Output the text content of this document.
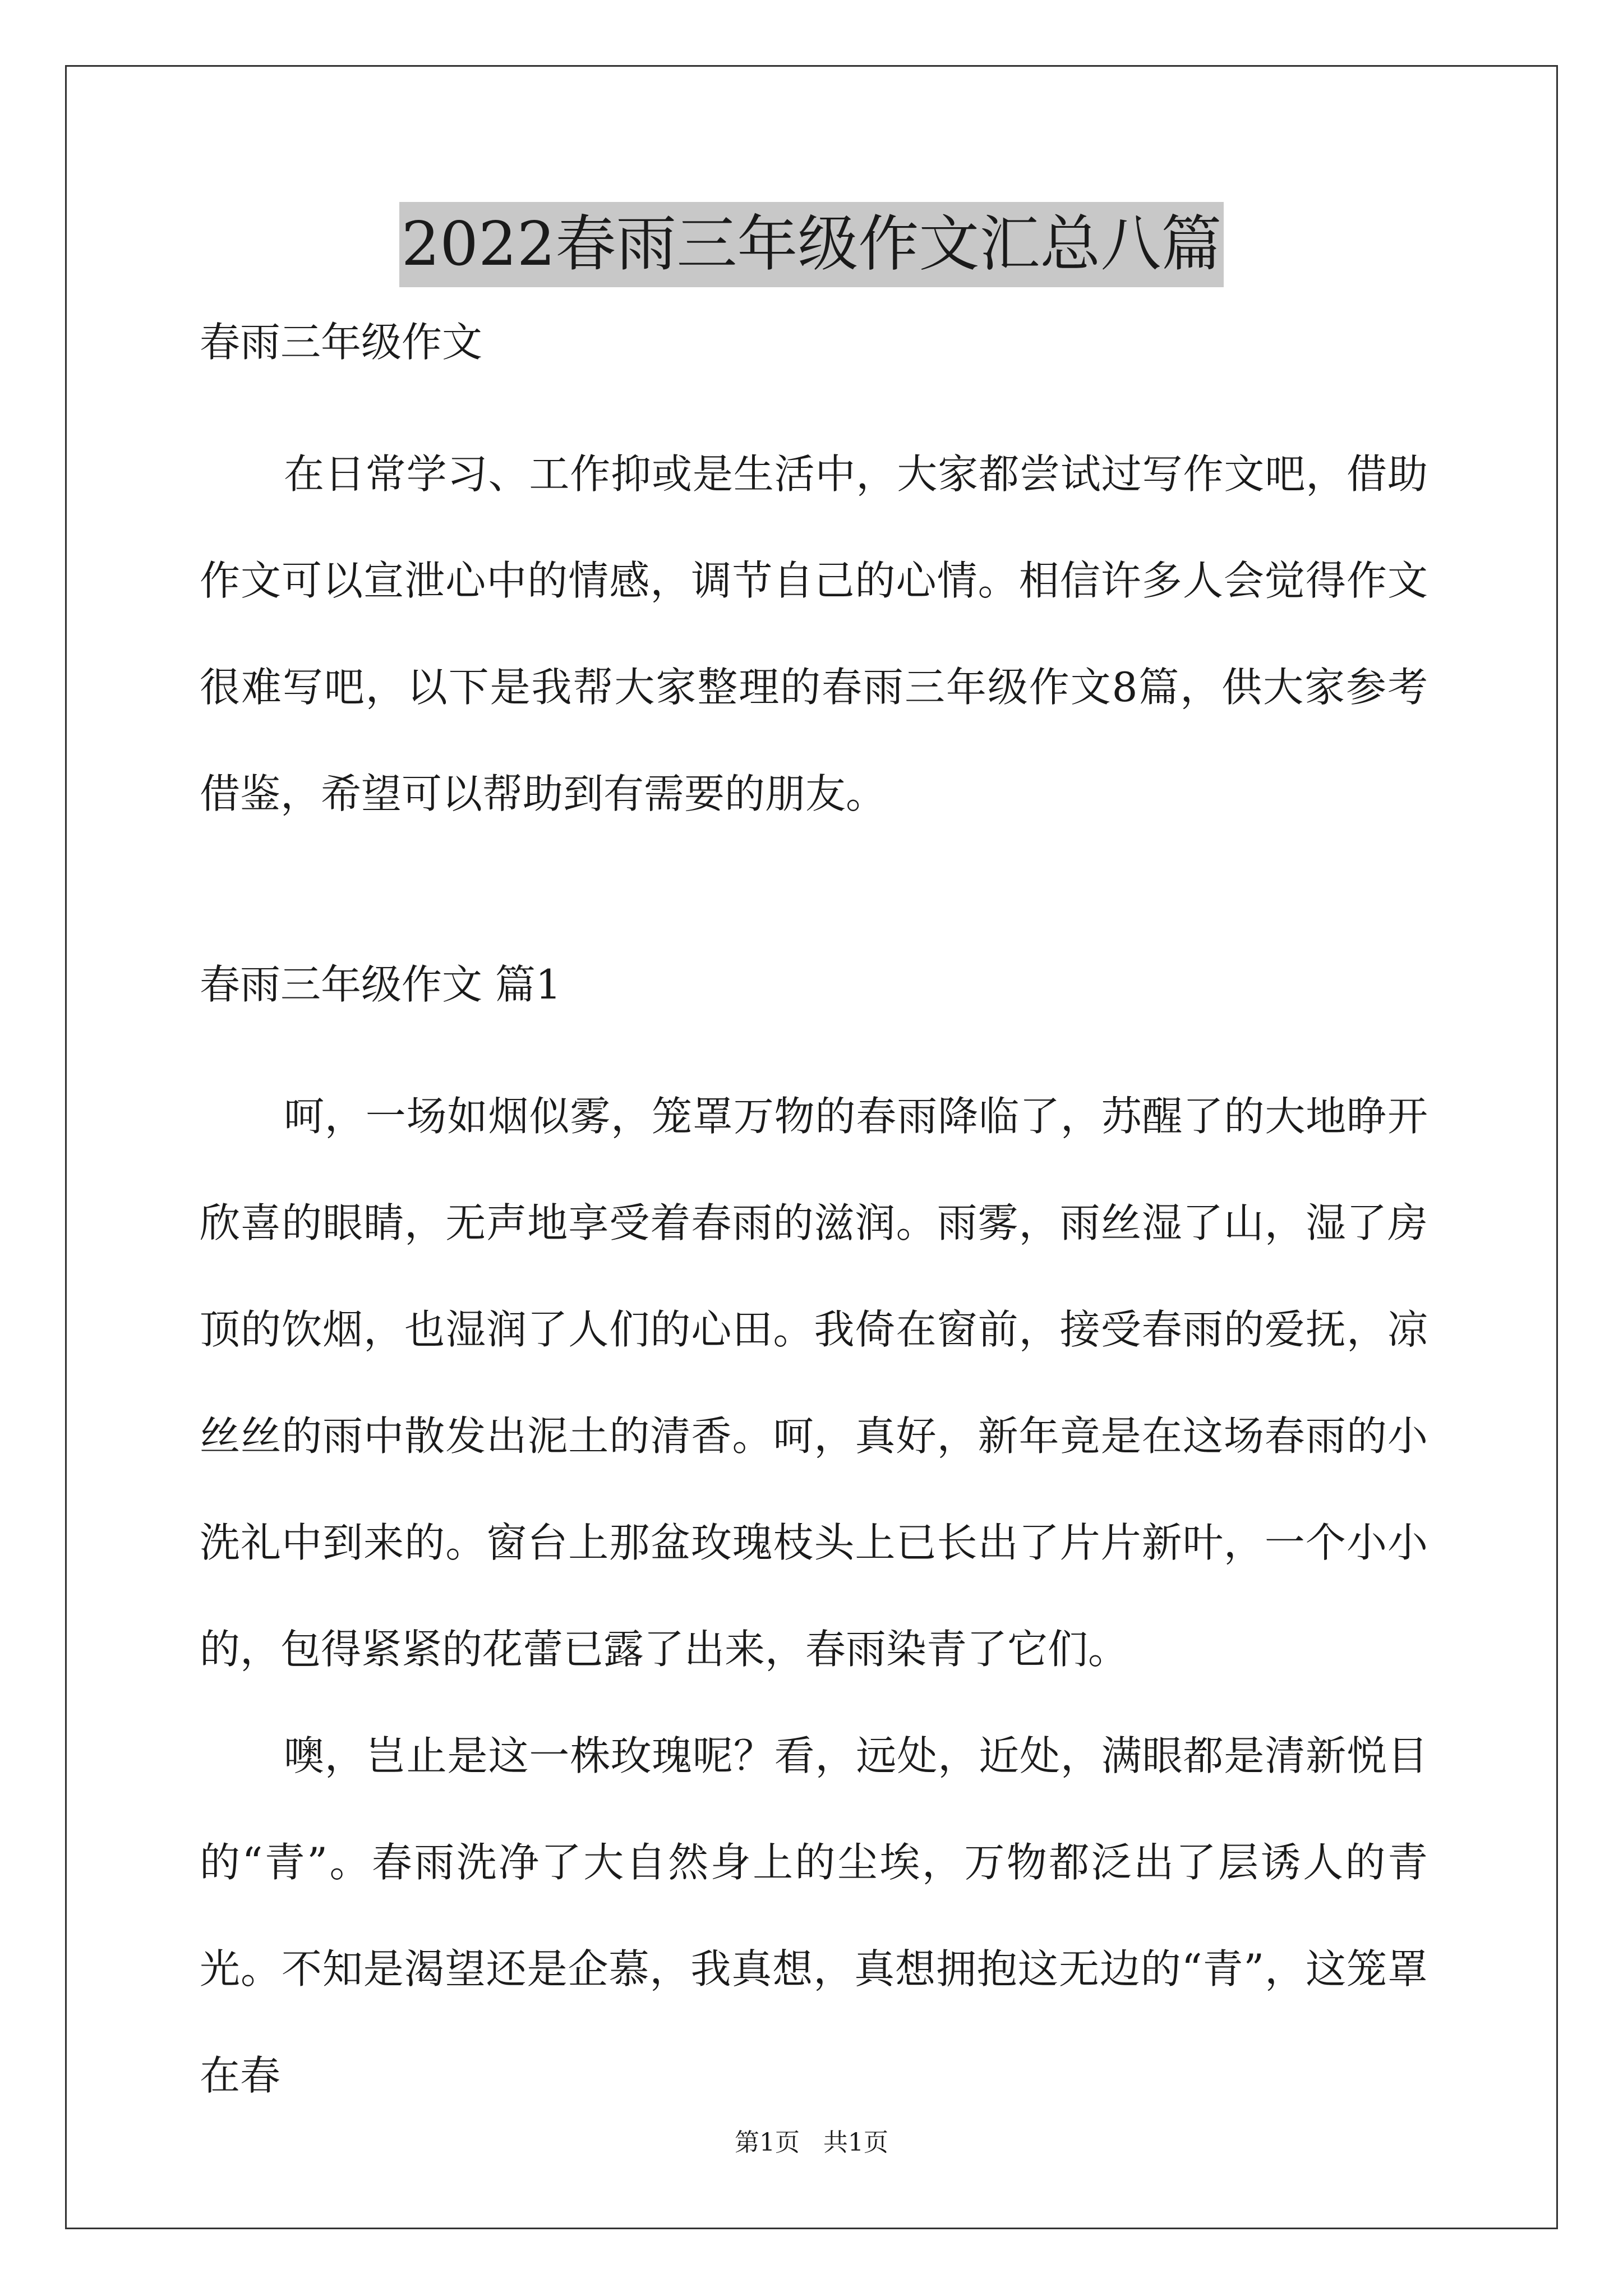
2022春雨三年级作文汇总八篇

春雨三年级作文

在日常学习、工作抑或是生活中，大家都尝试过写作文吧，借助作文可以宣泄心中的情感，调节自己的心情。相信许多人会觉得作文很难写吧，以下是我帮大家整理的春雨三年级作文8篇，供大家参考借鉴，希望可以帮助到有需要的朋友。

春雨三年级作文 篇1

呵，一场如烟似雾，笼罩万物的春雨降临了，苏醒了的大地睁开欣喜的眼睛，无声地享受着春雨的滋润。雨雾，雨丝湿了山，湿了房顶的饮烟，也湿润了人们的心田。我倚在窗前，接受春雨的爱抚，凉丝丝的雨中散发出泥土的清香。呵，真好，新年竟是在这场春雨的小洗礼中到来的。窗台上那盆玫瑰枝头上已长出了片片新叶，一个小小的，包得紧紧的花蕾已露了出来，春雨染青了它们。

噢，岂止是这一株玫瑰呢？看，远处，近处，满眼都是清新悦目的“青”。春雨洗净了大自然身上的尘埃，万物都泛出了层诱人的青光。不知是渴望还是企慕，我真想，真想拥抱这无边的“青”，这笼罩在春

第1页   共1页
